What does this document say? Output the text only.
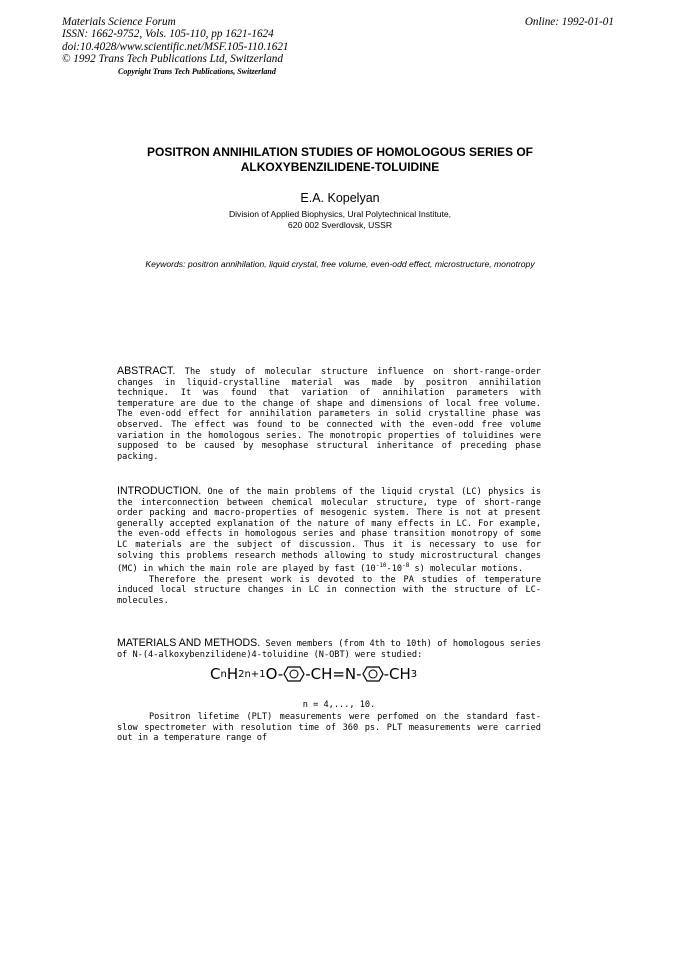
Materials Science Forum
ISSN: 1662-9752, Vols. 105-110, pp 1621-1624
doi:10.4028/www.scientific.net/MSF.105-110.1621
© 1992 Trans Tech Publications Ltd, Switzerland
Copyright Trans Tech Publications, Switzerland
Online: 1992-01-01
POSITRON ANNIHILATION STUDIES OF HOMOLOGOUS SERIES OF ALKOXYBENZILIDENE-TOLUIDINE
E.A. Kopelyan
Division of Applied Biophysics, Ural Polytechnical Institute,
620 002 Sverdlovsk, USSR
Keywords: positron annihilation, liquid crystal, free volume, even-odd effect, microstructure, monotropy
ABSTRACT. The study of molecular structure influence on short-range-order changes in liquid-crystalline material was made by positron annihilation technique. It was found that variation of annihilation parameters with temperature are due to the change of shape and dimensions of local free volume. The even-odd effect for annihilation parameters in solid crystalline phase was observed. The effect was found to be connected with the even-odd free volume variation in the homologous series. The monotropic properties of toluidines were supposed to be caused by mesophase structural inheritance of preceding phase packing.
INTRODUCTION. One of the main problems of the liquid crystal (LC) physics is the interconnection between chemical molecular structure, type of short-range order packing and macro-properties of mesogenic system. There is not at present generally accepted explanation of the nature of many effects in LC. For example, the even-odd effects in homologous series and phase transition monotropy of some LC materials are the subject of discussion. Thus it is necessary to use for solving this problems research methods allowing to study microstructural changes (MC) in which the main role are played by fast ($10^{-10}-10^{-8}$ s) molecular motions.
Therefore the present work is devoted to the PA studies of temperature induced local structure changes in LC in connection with the structure of LC-molecules.
MATERIALS AND METHODS. Seven members (from 4th to 10th) of homologous series of N-(4-alkoxybenzilidene)4-toluidine (N-OBT) were studied:
C n H 2n+1 O- -CH=N- -CH 3
n = 4,..., 10.
Positron lifetime (PLT) measurements were perfomed on the standard fast-slow spectrometer with resolution time of 360 ps. PLT measurements were carried out in a temperature range of
